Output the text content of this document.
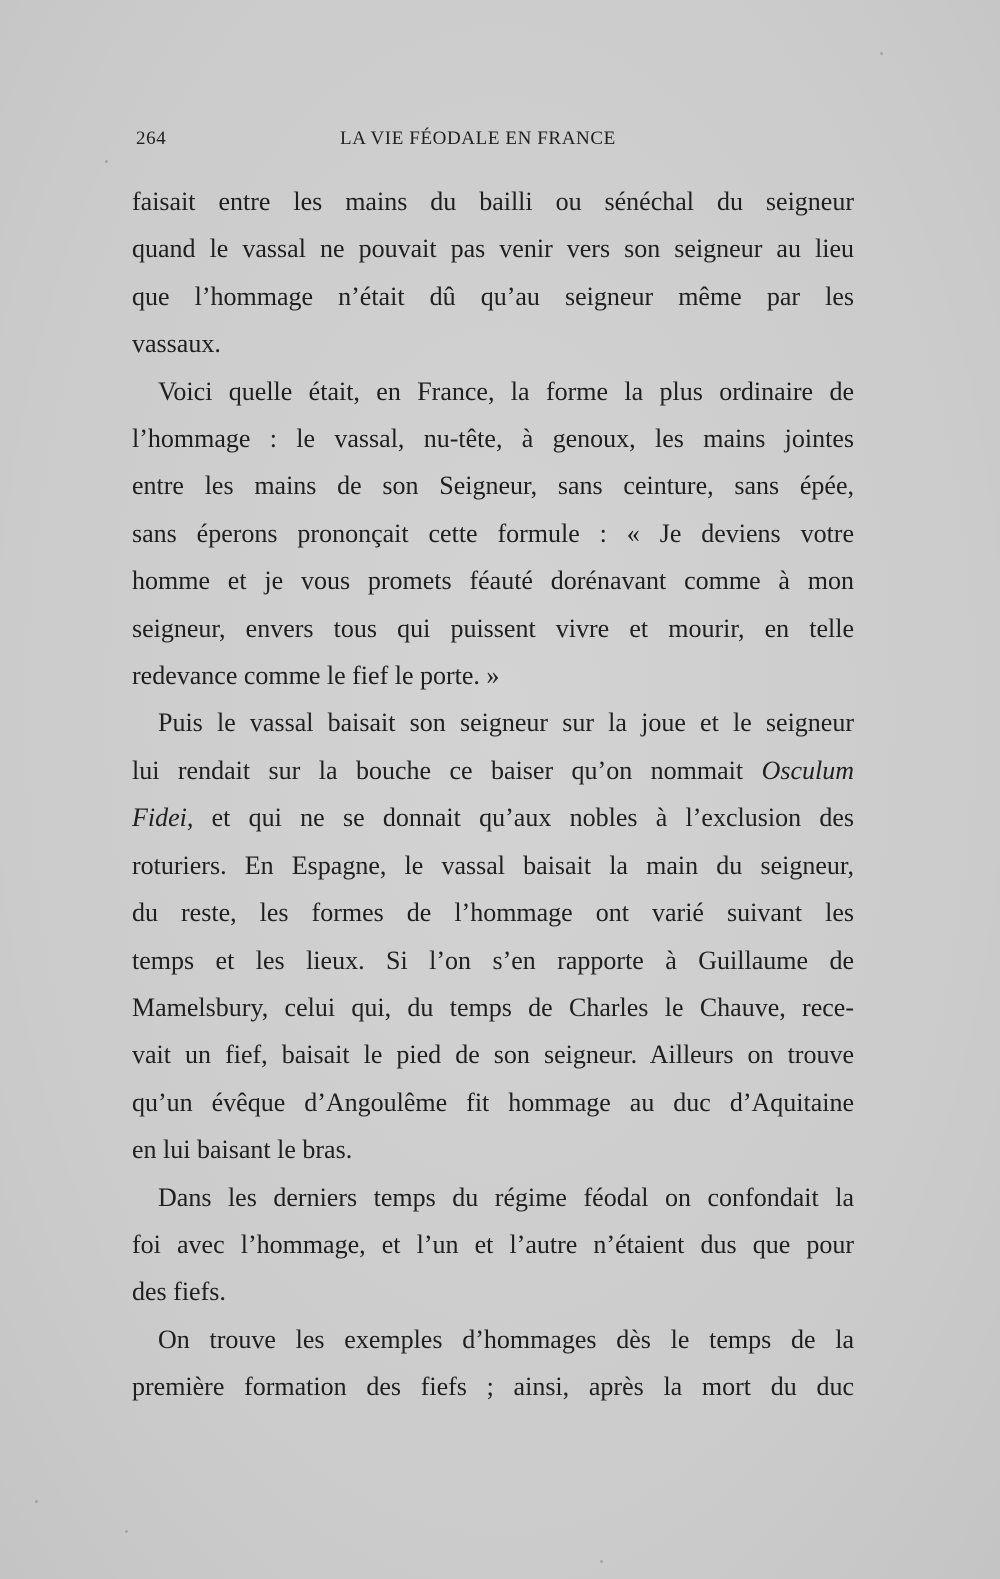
264	LA VIE FÉODALE EN FRANCE
faisait entre les mains du bailli ou sénéchal du seigneur
quand le vassal ne pouvait pas venir vers son seigneur au lieu
que l’hommage n’était dû qu’au seigneur même par les
vassaux.
Voici quelle était, en France, la forme la plus ordinaire de
l’hommage : le vassal, nu-tête, à genoux, les mains jointes
entre les mains de son Seigneur, sans ceinture, sans épée,
sans éperons prononçait cette formule : « Je deviens votre
homme et je vous promets féauté dorénavant comme à mon
seigneur, envers tous qui puissent vivre et mourir, en telle
redevance comme le fief le porte. »
Puis le vassal baisait son seigneur sur la joue et le seigneur
lui rendait sur la bouche ce baiser qu’on nommait Osculum
Fidei, et qui ne se donnait qu’aux nobles à l’exclusion des
roturiers. En Espagne, le vassal baisait la main du seigneur,
du reste, les formes de l’hommage ont varié suivant les
temps et les lieux. Si l’on s’en rapporte à Guillaume de
Mamelsbury, celui qui, du temps de Charles le Chauve, rece-
vait un fief, baisait le pied de son seigneur. Ailleurs on trouve
qu’un évêque d’Angoulême fit hommage au duc d’Aquitaine
en lui baisant le bras.
Dans les derniers temps du régime féodal on confondait la
foi avec l’hommage, et l’un et l’autre n’étaient dus que pour
des fiefs.
On trouve les exemples d’hommages dès le temps de la
première formation des fiefs ; ainsi, après la mort du duc
